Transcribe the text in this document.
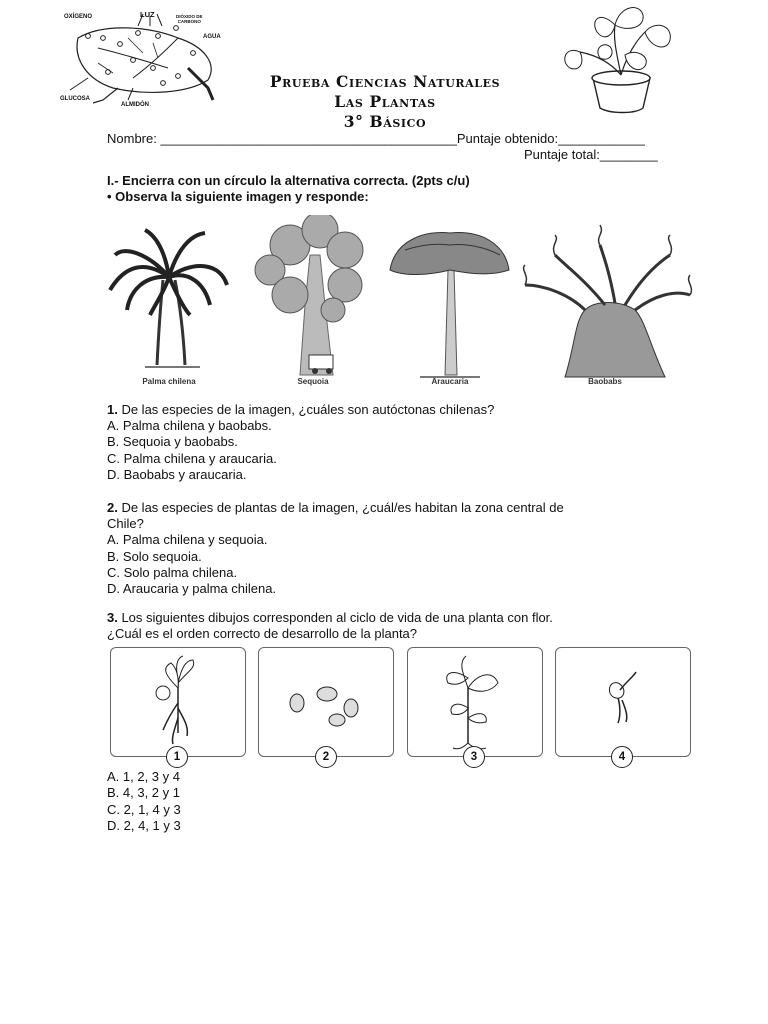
OXÍGENO	LUZ	DIÓXIDO DE
CARBONO
AGUA
GLUCOSA
ALMIDÓN
Prueba Ciencias Naturales
Las Plantas
3° Básico
Nombre: _________________________________________Puntaje obtenido:____________
Puntaje total:________
I.- Encierra con un círculo la alternativa correcta. (2pts c/u)
• Observa la siguiente imagen y responde:
Palma chilena	Sequoia	Araucaria	Baobabs
1. De las especies de la imagen, ¿cuáles son autóctonas chilenas?
A. Palma chilena y baobabs.
B. Sequoia y baobabs.
C. Palma chilena y araucaria.
D. Baobabs y araucaria.
2. De las especies de plantas de la imagen, ¿cuál/es habitan la zona central de
Chile?
A. Palma chilena y sequoia.
B. Solo sequoia.
C. Solo palma chilena.
D. Araucaria y palma chilena.
3. Los siguientes dibujos corresponden al ciclo de vida de una planta con flor.
¿Cuál es el orden correcto de desarrollo de la planta?
1	2	3	4
A. 1, 2, 3 y 4
B. 4, 3, 2 y 1
C. 2, 1, 4 y 3
D. 2, 4, 1 y 3
